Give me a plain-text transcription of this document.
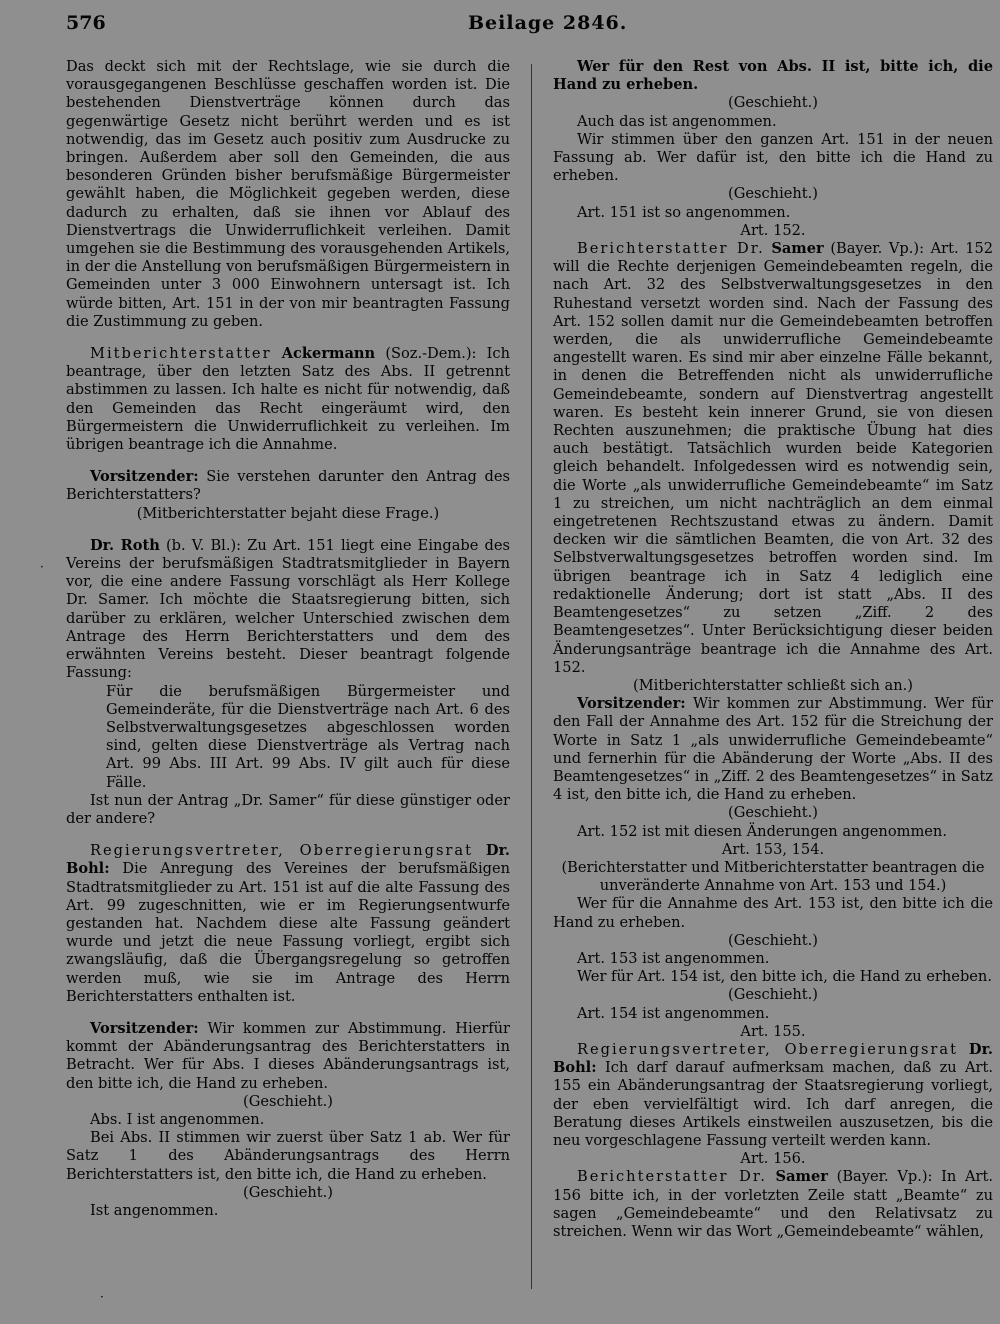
576	Beilage 2846.

Das deckt sich mit der Rechtslage, wie sie durch die vorausgegangenen Beschlüsse geschaffen worden ist. Die bestehenden Dienstverträge können durch das gegenwärtige Gesetz nicht berührt werden und es ist notwendig, das im Gesetz auch positiv zum Ausdrucke zu bringen. Außerdem aber soll den Gemeinden, die aus besonderen Gründen bisher berufsmäßige Bürgermeister gewählt haben, die Möglichkeit gegeben werden, diese dadurch zu erhalten, daß sie ihnen vor Ablauf des Dienstvertrags die Unwiderruflichkeit verleihen. Damit umgehen sie die Bestimmung des vorausgehenden Artikels, in der die Anstellung von berufsmäßigen Bürgermeistern in Gemeinden unter 3 000 Einwohnern untersagt ist. Ich würde bitten, Art. 151 in der von mir beantragten Fassung die Zustimmung zu geben.

Mitberichterstatter Ackermann (Soz.-Dem.): Ich beantrage, über den letzten Satz des Abs. II getrennt abstimmen zu lassen. Ich halte es nicht für notwendig, daß den Gemeinden das Recht eingeräumt wird, den Bürgermeistern die Unwiderruflichkeit zu verleihen. Im übrigen beantrage ich die Annahme.

Vorsitzender: Sie verstehen darunter den Antrag des Berichterstatters?

(Mitberichterstatter bejaht diese Frage.)

Dr. Roth (b. V. Bl.): Zu Art. 151 liegt eine Eingabe des Vereins der berufsmäßigen Stadtratsmitglieder in Bayern vor, die eine andere Fassung vorschlägt als Herr Kollege Dr. Samer. Ich möchte die Staatsregierung bitten, sich darüber zu erklären, welcher Unterschied zwischen dem Antrage des Herrn Berichterstatters und dem des erwähnten Vereins besteht. Dieser beantragt folgende Fassung:

Für die berufsmäßigen Bürgermeister und Gemeinderäte, für die Dienstverträge nach Art. 6 des Selbstverwaltungsgesetzes abgeschlossen worden sind, gelten diese Dienstverträge als Vertrag nach Art. 99 Abs. III Art. 99 Abs. IV gilt auch für diese Fälle.

Ist nun der Antrag „Dr. Samer“ für diese günstiger oder der andere?

Regierungsvertreter, Oberregierungsrat Dr. Bohl: Die Anregung des Vereines der berufsmäßigen Stadtratsmitglieder zu Art. 151 ist auf die alte Fassung des Art. 99 zugeschnitten, wie er im Regierungsentwurfe gestanden hat. Nachdem diese alte Fassung geändert wurde und jetzt die neue Fassung vorliegt, ergibt sich zwangsläufig, daß die Übergangsregelung so getroffen werden muß, wie sie im Antrage des Herrn Berichterstatters enthalten ist.

Vorsitzender: Wir kommen zur Abstimmung. Hierfür kommt der Abänderungsantrag des Berichterstatters in Betracht. Wer für Abs. I dieses Abänderungsantrags ist, den bitte ich, die Hand zu erheben.

(Geschieht.)

Abs. I ist angenommen.

Bei Abs. II stimmen wir zuerst über Satz 1 ab. Wer für Satz 1 des Abänderungsantrags des Herrn Berichterstatters ist, den bitte ich, die Hand zu erheben.

(Geschieht.)

Ist angenommen.

Wer für den Rest von Abs. II ist, bitte ich, die Hand zu erheben.

(Geschieht.)

Auch das ist angenommen.

Wir stimmen über den ganzen Art. 151 in der neuen Fassung ab. Wer dafür ist, den bitte ich die Hand zu erheben.

(Geschieht.)

Art. 151 ist so angenommen.

Art. 152.

Berichterstatter Dr. Samer (Bayer. Vp.): Art. 152 will die Rechte derjenigen Gemeindebeamten regeln, die nach Art. 32 des Selbstverwaltungsgesetzes in den Ruhestand versetzt worden sind. Nach der Fassung des Art. 152 sollen damit nur die Gemeindebeamten betroffen werden, die als unwiderrufliche Gemeindebeamte angestellt waren. Es sind mir aber einzelne Fälle bekannt, in denen die Betreffenden nicht als unwiderrufliche Gemeindebeamte, sondern auf Dienstvertrag angestellt waren. Es besteht kein innerer Grund, sie von diesen Rechten auszunehmen; die praktische Übung hat dies auch bestätigt. Tatsächlich wurden beide Kategorien gleich behandelt. Infolgedessen wird es notwendig sein, die Worte „als unwiderrufliche Gemeindebeamte“ im Satz 1 zu streichen, um nicht nachträglich an dem einmal eingetretenen Rechtszustand etwas zu ändern. Damit decken wir die sämtlichen Beamten, die von Art. 32 des Selbstverwaltungsgesetzes betroffen worden sind. Im übrigen beantrage ich in Satz 4 lediglich eine redaktionelle Änderung; dort ist statt „Abs. II des Beamtengesetzes“ zu setzen „Ziff. 2 des Beamtengesetzes“. Unter Berücksichtigung dieser beiden Änderungsanträge beantrage ich die Annahme des Art. 152.

(Mitberichterstatter schließt sich an.)

Vorsitzender: Wir kommen zur Abstimmung. Wer für den Fall der Annahme des Art. 152 für die Streichung der Worte in Satz 1 „als unwiderrufliche Gemeindebeamte“ und fernerhin für die Abänderung der Worte „Abs. II des Beamtengesetzes“ in „Ziff. 2 des Beamtengesetzes“ in Satz 4 ist, den bitte ich, die Hand zu erheben.

(Geschieht.)

Art. 152 ist mit diesen Änderungen angenommen.

Art. 153, 154.

(Berichterstatter und Mitberichterstatter beantragen die unveränderte Annahme von Art. 153 und 154.)

Wer für die Annahme des Art. 153 ist, den bitte ich die Hand zu erheben.

(Geschieht.)

Art. 153 ist angenommen.

Wer für Art. 154 ist, den bitte ich, die Hand zu erheben.

(Geschieht.)

Art. 154 ist angenommen.

Art. 155.

Regierungsvertreter, Oberregierungsrat Dr. Bohl: Ich darf darauf aufmerksam machen, daß zu Art. 155 ein Abänderungsantrag der Staatsregierung vorliegt, der eben vervielfältigt wird. Ich darf anregen, die Beratung dieses Artikels einstweilen auszusetzen, bis die neu vorgeschlagene Fassung verteilt werden kann.

Art. 156.

Berichterstatter Dr. Samer (Bayer. Vp.): In Art. 156 bitte ich, in der vorletzten Zeile statt „Beamte“ zu sagen „Gemeindebeamte“ und den Relativsatz zu streichen. Wenn wir das Wort „Gemeindebeamte“ wählen,

·
·
